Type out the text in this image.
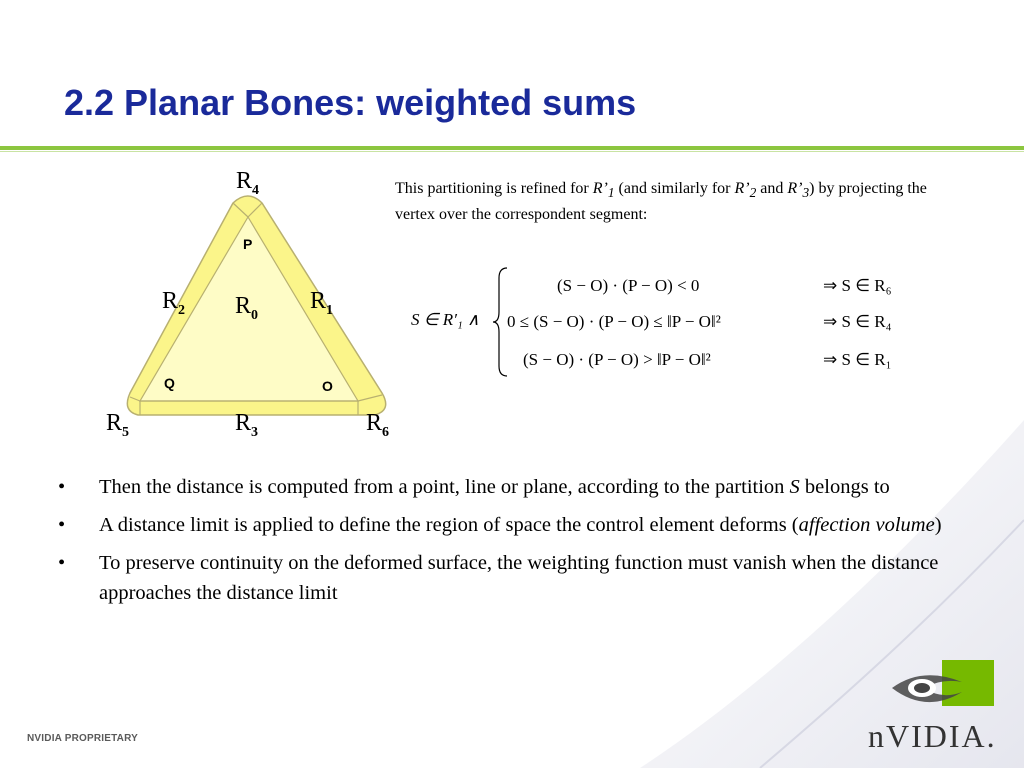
2.2 Planar Bones: weighted sums
$R_4$
P
$R_2$ $R_0$
$R_1$
Q	O
$R_5$	$R_3$	$R_6$
This partitioning is refined for $R’_1$ (and similarly for $R’_2$ and $R’_3$) by projecting the vertex over the correspondent segment:
S ∈ R′₁ ∧
(S − O) · (P − O) < 0	⇒ S ∈ R₆
0 ≤ (S − O) · (P − O) ≤ ‖P − O‖²	⇒ S ∈ R₄
(S − O) · (P − O) > ‖P − O‖²	⇒ S ∈ R₁
• Then the distance is computed from a point, line or plane, according to the partition S belongs to
• A distance limit is applied to define the region of space the control element deforms (affection volume)
• To preserve continuity on the deformed surface, the weighting function must vanish when the distance approaches the distance limit
NVIDIA PROPRIETARY	nVIDIA.
